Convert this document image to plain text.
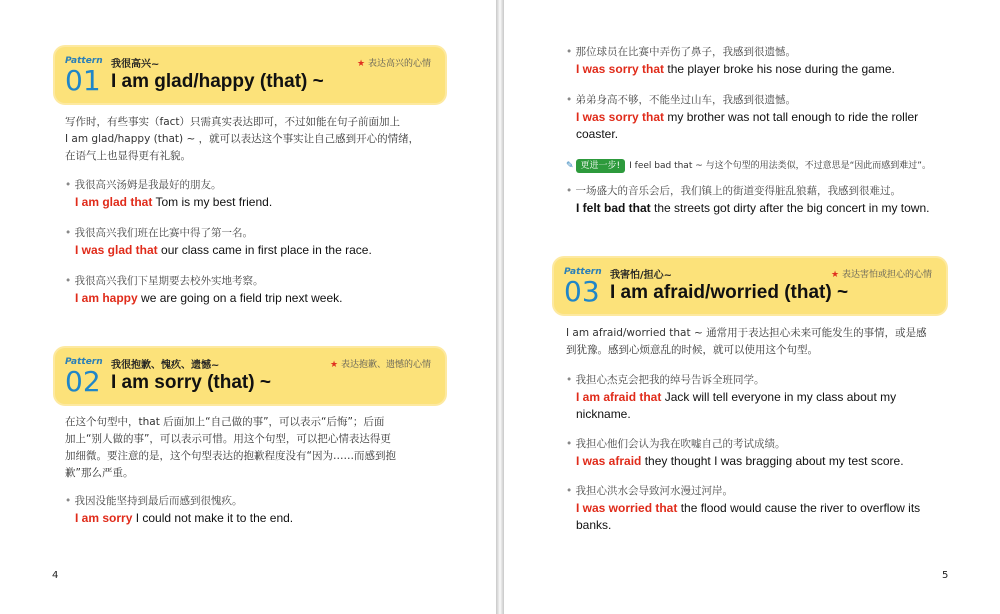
Pattern
01 我很高兴~
I am glad/happy (that) ~
★ 表达高兴的心情
写作时，有些事实（fact）只需真实表达即可，不过如能在句子前面加上
I am glad/happy (that) ~ ，就可以表达这个事实让自己感到开心的情绪，
在语气上也显得更有礼貌。
• 我很高兴汤姆是我最好的朋友。
I am glad that Tom is my best friend.
• 我很高兴我们班在比赛中得了第一名。
I was glad that our class came in first place in the race.
• 我很高兴我们下星期要去校外实地考察。
I am happy we are going on a field trip next week.
Pattern
02 我很抱歉、愧疚、遗憾~
I am sorry (that) ~
★ 表达抱歉、遗憾的心情
在这个句型中，that 后面加上“自己做的事”，可以表示“后悔”；后面
加上“别人做的事”，可以表示可惜。用这个句型，可以把心情表达得更
加细微。要注意的是，这个句型表达的抱歉程度没有“因为……而感到抱
歉”那么严重。
• 我因没能坚持到最后而感到很愧疚。
I am sorry I could not make it to the end.
4
• 那位球员在比赛中弄伤了鼻子，我感到很遗憾。
I was sorry that the player broke his nose during the game.
• 弟弟身高不够，不能坐过山车，我感到很遗憾。
I was sorry that my brother was not tall enough to ride the roller
coaster.
✎ 更进一步! I feel bad that ~ 与这个句型的用法类似，不过意思是“因此而感到难过”。
• 一场盛大的音乐会后，我们镇上的街道变得脏乱狼藉，我感到很难过。
I felt bad that the streets got dirty after the big concert in my town.
Pattern
03 我害怕/担心~
I am afraid/worried (that) ~
★ 表达害怕或担心的心情
I am afraid/worried that ~ 通常用于表达担心未来可能发生的事情，或是感
到犹豫。感到心烦意乱的时候，就可以使用这个句型。
• 我担心杰克会把我的绰号告诉全班同学。
I am afraid that Jack will tell everyone in my class about my
nickname.
• 我担心他们会认为我在吹嘘自己的考试成绩。
I was afraid they thought I was bragging about my test score.
• 我担心洪水会导致河水漫过河岸。
I was worried that the flood would cause the river to overflow its
banks.
5
